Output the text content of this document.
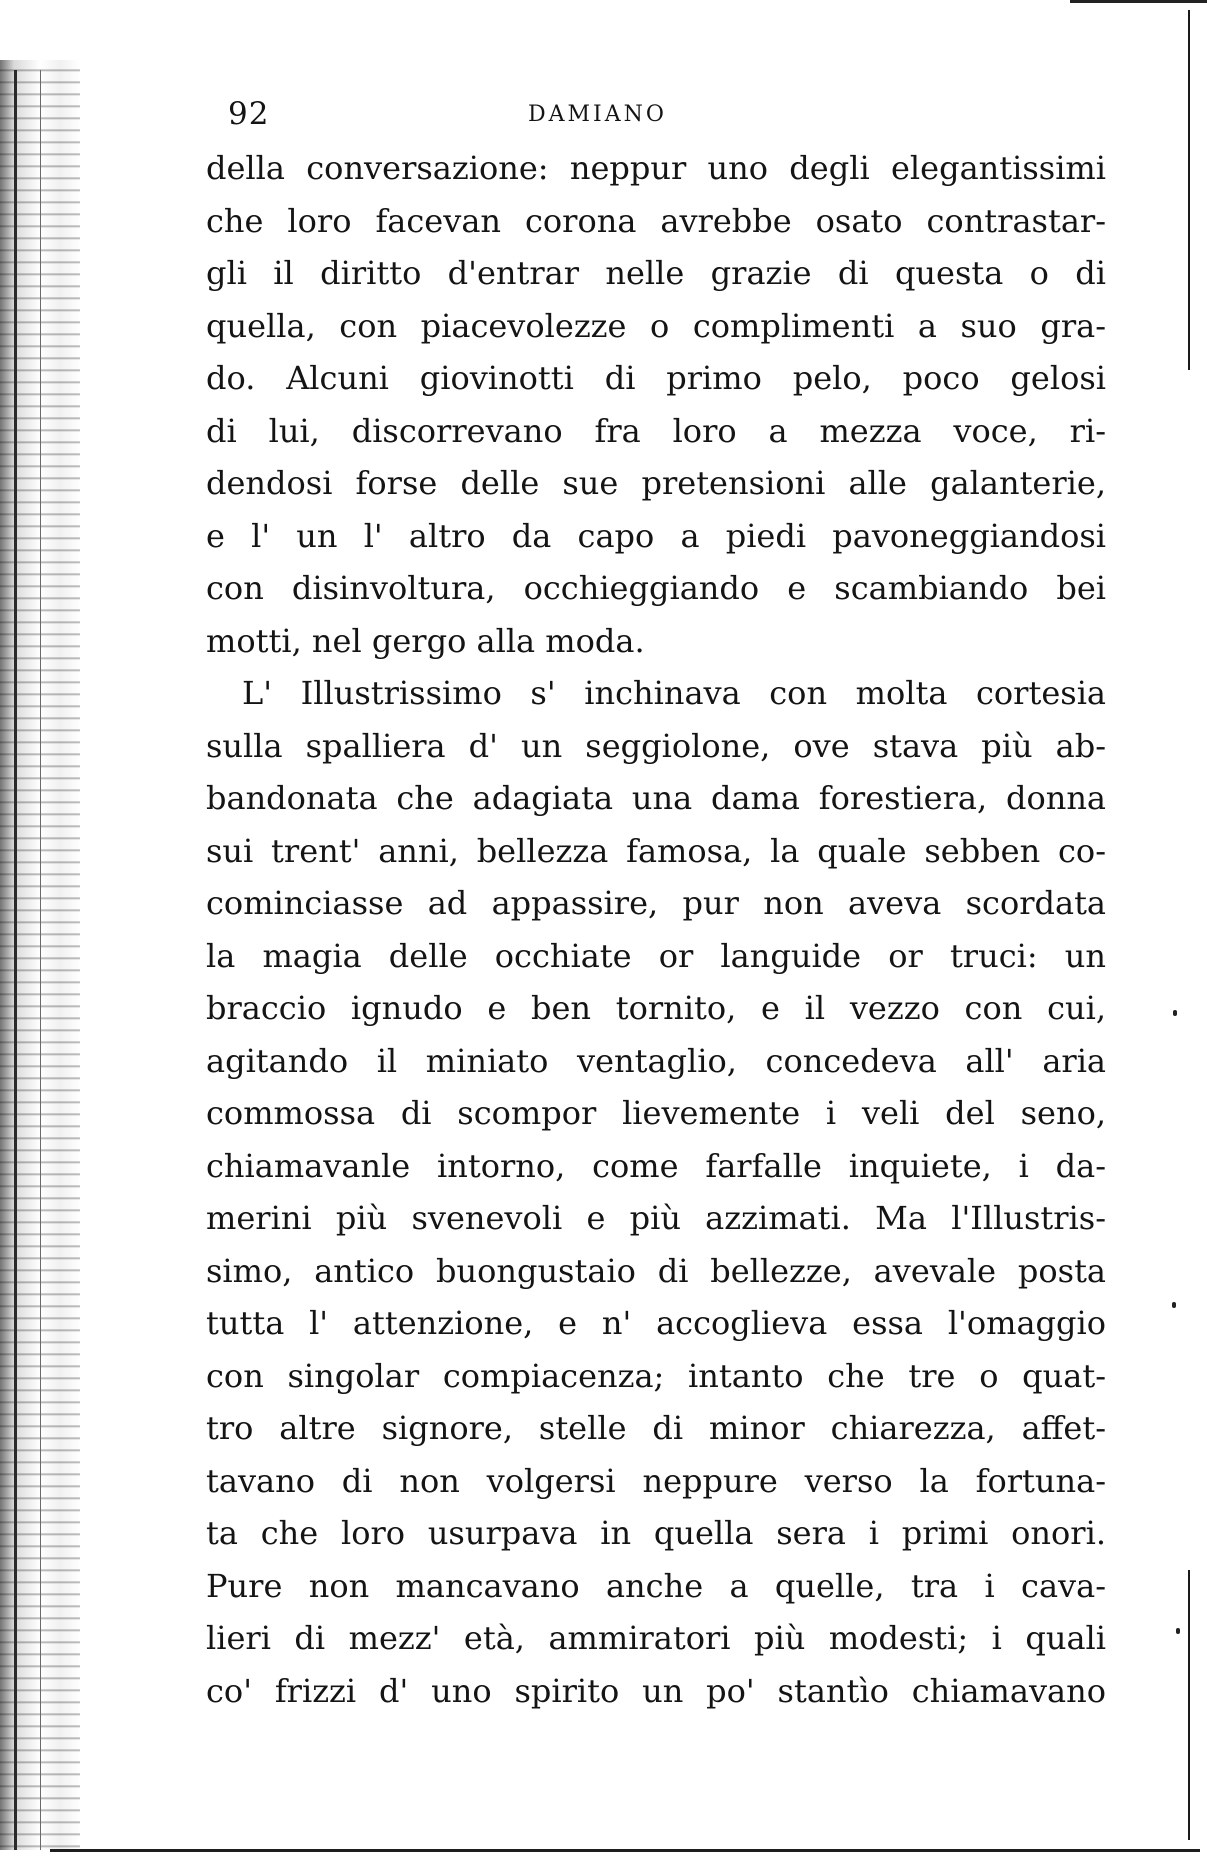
92	DAMIANO
della conversazione: neppur uno degli elegantissimi
che loro facevan corona avrebbe osato contrastar-
gli il diritto d'entrar nelle grazie di questa o di
quella, con piacevolezze o complimenti a suo gra-
do. Alcuni giovinotti di primo pelo, poco gelosi
di lui, discorrevano fra loro a mezza voce, ri-
dendosi forse delle sue pretensioni alle galanterie,
e l' un l' altro da capo a piedi pavoneggiandosi
con disinvoltura, occhieggiando e scambiando bei
motti, nel gergo alla moda.
L' Illustrissimo s' inchinava con molta cortesia
sulla spalliera d' un seggiolone, ove stava più ab-
bandonata che adagiata una dama forestiera, donna
sui trent' anni, bellezza famosa, la quale sebben co-
cominciasse ad appassire, pur non aveva scordata
la magia delle occhiate or languide or truci: un
braccio ignudo e ben tornito, e il vezzo con cui,
agitando il miniato ventaglio, concedeva all' aria
commossa di scompor lievemente i veli del seno,
chiamavanle intorno, come farfalle inquiete, i da-
merini più svenevoli e più azzimati. Ma l'Illustris-
simo, antico buongustaio di bellezze, avevale posta
tutta l' attenzione, e n' accoglieva essa l'omaggio
con singolar compiacenza; intanto che tre o quat-
tro altre signore, stelle di minor chiarezza, affet-
tavano di non volgersi neppure verso la fortuna-
ta che loro usurpava in quella sera i primi onori.
Pure non mancavano anche a quelle, tra i cava-
lieri di mezz' età, ammiratori più modesti; i quali
co' frizzi d' uno spirito un po' stantìo chiamavano
